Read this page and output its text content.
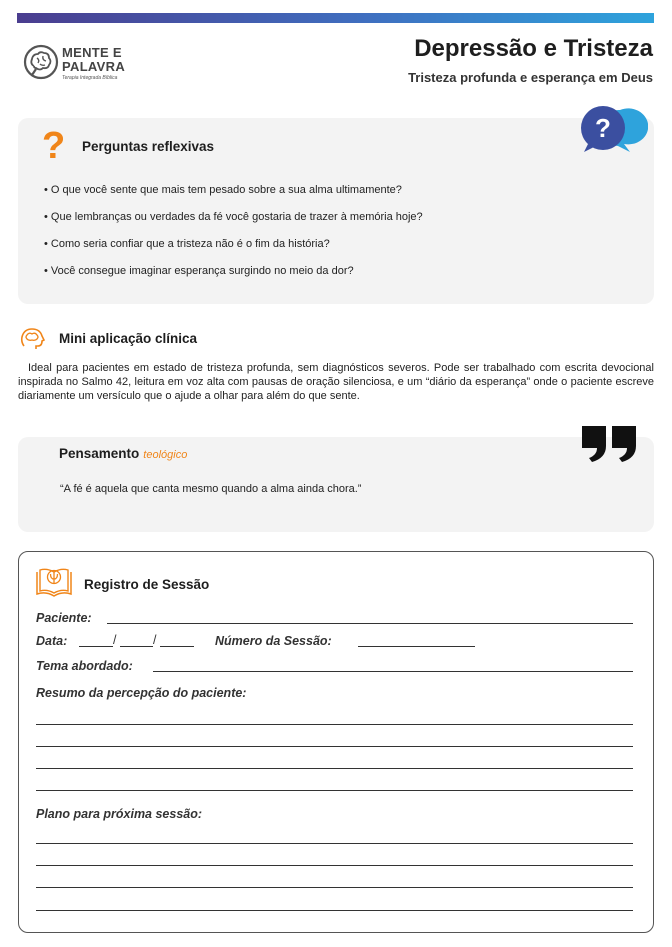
MENTE E
PALAVRA
Terapia Integrada Bíblica
Depressão e Tristeza
Tristeza profunda e esperança em Deus
? Perguntas reflexivas
?
• O que você sente que mais tem pesado sobre a sua alma ultimamente?
• Que lembranças ou verdades da fé você gostaria de trazer à memória hoje?
• Como seria confiar que a tristeza não é o fim da história?
• Você consegue imaginar esperança surgindo no meio da dor?
Mini aplicação clínica
Ideal para pacientes em estado de tristeza profunda, sem diagnósticos severos. Pode ser trabalhado com escrita devocional inspirada no Salmo 42, leitura em voz alta com pausas de oração silenciosa, e um “diário da esperança” onde o paciente escreve diariamente um versículo que o ajude a olhar para além do que sente.
Pensamento teológico
“A fé é aquela que canta mesmo quando a alma ainda chora.”
Registro de Sessão
Paciente:
Data:	/	/	Número da Sessão:
Tema abordado:
Resumo da percepção do paciente:
Plano para próxima sessão:
